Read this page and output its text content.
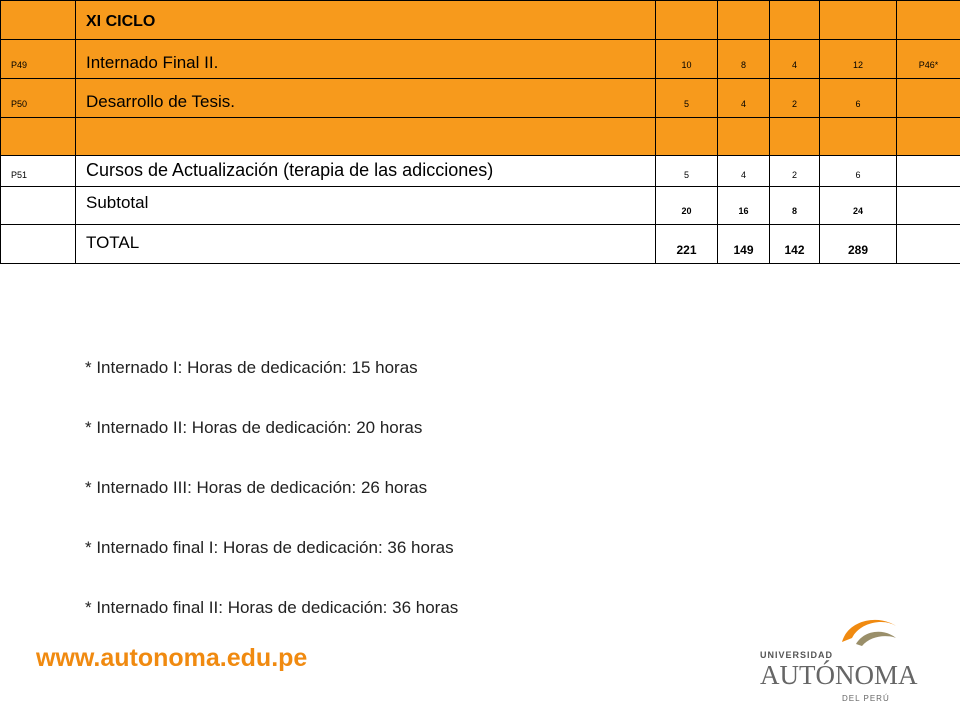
	XI CICLO					
P49	Internado Final II.	10	8	4	12	P46*
P50	Desarrollo de Tesis.	5	4	2	6	

P51	Cursos de Actualización (terapia de las adicciones)	5	4	2	6	
	Subtotal	20	16	8	24	
	TOTAL	221	149	142	289	
* Internado I: Horas de dedicación: 15 horas
* Internado II: Horas de dedicación: 20 horas
* Internado III: Horas de dedicación: 26 horas
* Internado final I: Horas de dedicación: 36 horas
* Internado final II: Horas de dedicación: 36 horas
www.autonoma.edu.pe	UNIVERSIDAD
AUTÓNOMA
DEL PERÚ
